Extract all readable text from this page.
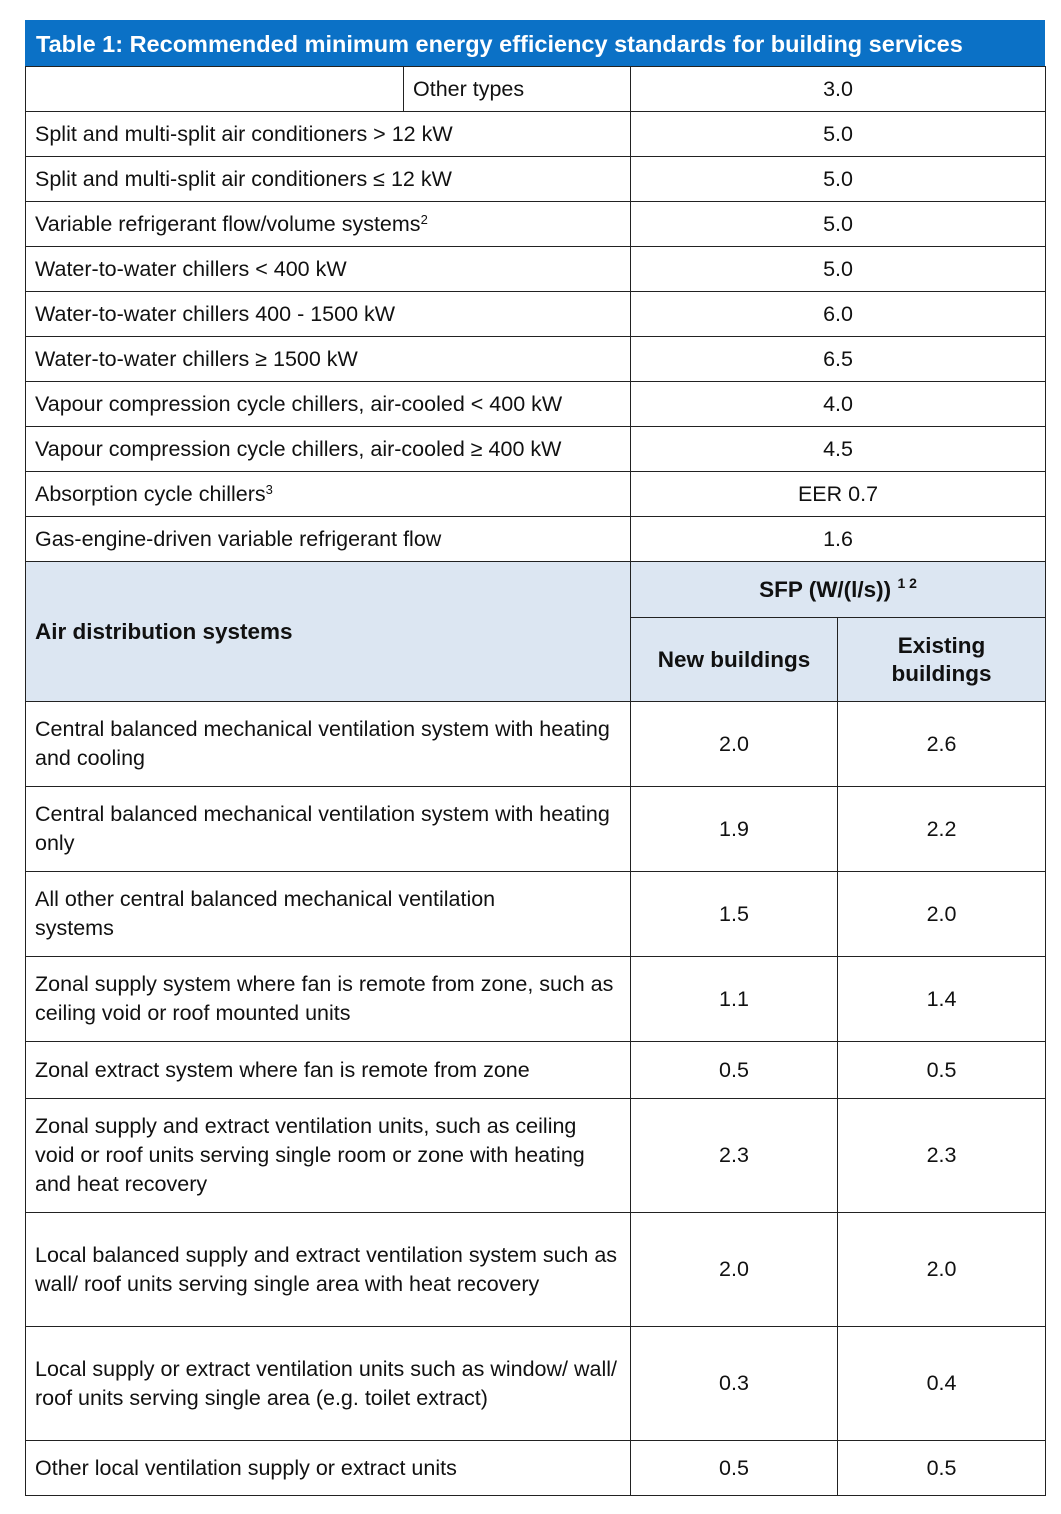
Table 1: Recommended minimum energy efficiency standards for building services
	Other types	3.0	
Split and multi-split air conditioners > 12 kW		5.0	
Split and multi-split air conditioners ≤ 12 kW		5.0	
Variable refrigerant flow/volume systems$^2$		5.0	
Water-to-water chillers < 400 kW		5.0	
Water-to-water chillers 400 - 1500 kW		6.0	
Water-to-water chillers ≥ 1500 kW		6.5	
Vapour compression cycle chillers, air-cooled < 400 kW		4.0	
Vapour compression cycle chillers, air-cooled ≥ 400 kW		4.5	
Absorption cycle chillers$^3$		EER 0.7	
Gas-engine-driven variable refrigerant flow		1.6	
Air distribution systems		SFP (W/(l/s)) $^{1 2}$
		New buildings	Existing buildings
Central balanced mechanical ventilation system with heating and cooling		2.0	2.6
Central balanced mechanical ventilation system with heating only		1.9	2.2
All other central balanced mechanical ventilation systems		1.5	2.0
Zonal supply system where fan is remote from zone, such as ceiling void or roof mounted units		1.1	1.4
Zonal extract system where fan is remote from zone		0.5	0.5
Zonal supply and extract ventilation units, such as ceiling void or roof units serving single room or zone with heating and heat recovery		2.3	2.3
Local balanced supply and extract ventilation system such as wall/ roof units serving single area with heat recovery		2.0	2.0
Local supply or extract ventilation units such as window/ wall/ roof units serving single area (e.g. toilet extract)		0.3	0.4
Other local ventilation supply or extract units		0.5	0.5
